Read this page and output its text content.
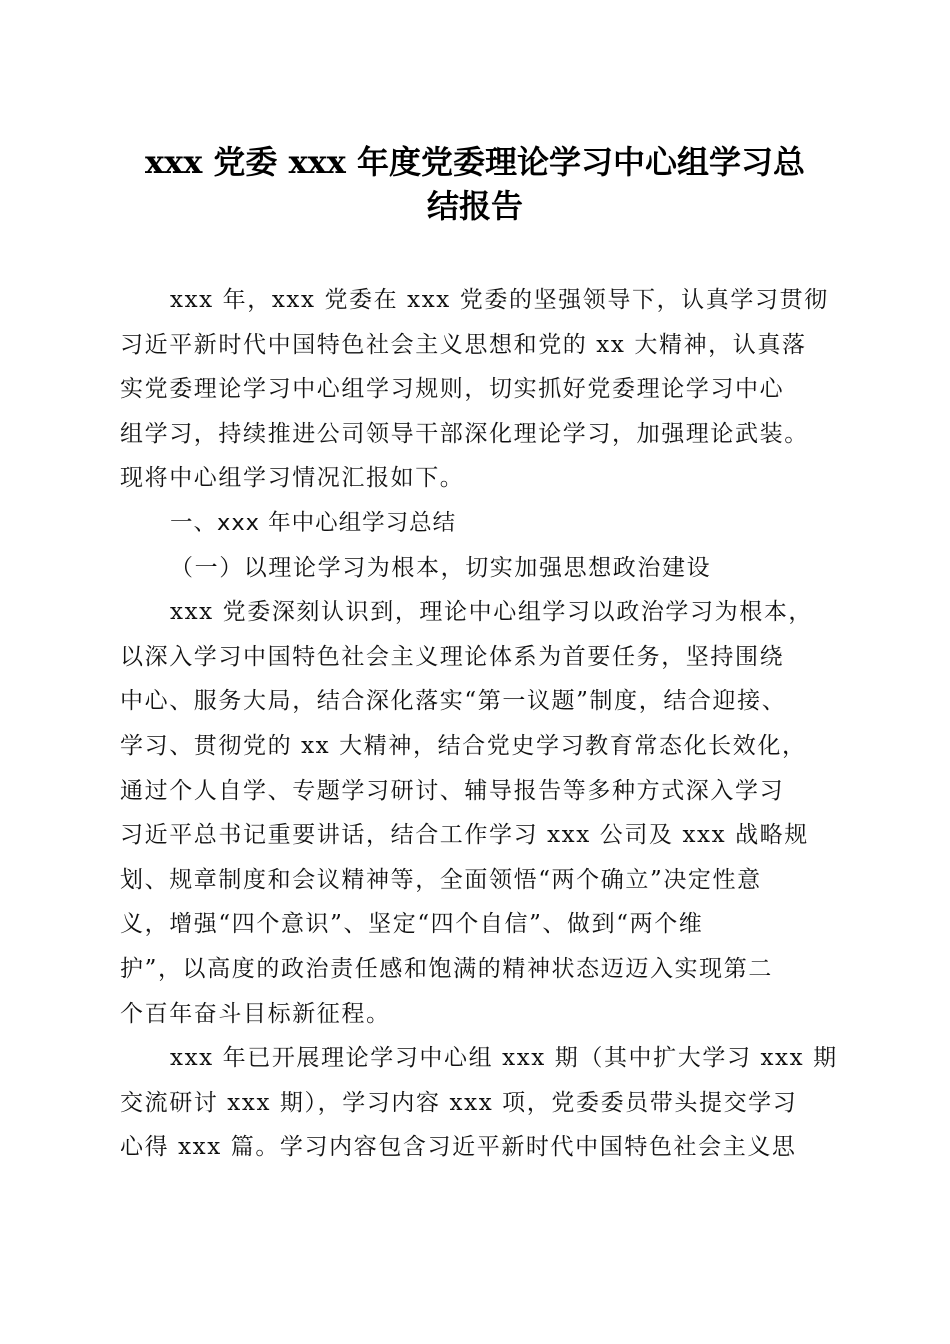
xxx 党委 xxx 年度党委理论学习中心组学习总
结报告
xxx 年，xxx 党委在 xxx 党委的坚强领导下，认真学习贯彻
习近平新时代中国特色社会主义思想和党的 xx 大精神，认真落
实党委理论学习中心组学习规则，切实抓好党委理论学习中心
组学习，持续推进公司领导干部深化理论学习，加强理论武装。
现将中心组学习情况汇报如下。
一、xxx 年中心组学习总结
（一）以理论学习为根本，切实加强思想政治建设
xxx 党委深刻认识到，理论中心组学习以政治学习为根本，
以深入学习中国特色社会主义理论体系为首要任务，坚持围绕
中心、服务大局，结合深化落实“第一议题”制度，结合迎接、
学习、贯彻党的 xx 大精神，结合党史学习教育常态化长效化，
通过个人自学、专题学习研讨、辅导报告等多种方式深入学习
习近平总书记重要讲话，结合工作学习 xxx 公司及 xxx 战略规
划、规章制度和会议精神等，全面领悟“两个确立”决定性意
义，增强“四个意识”、坚定“四个自信”、做到“两个维
护”，以高度的政治责任感和饱满的精神状态迈迈入实现第二
个百年奋斗目标新征程。
xxx 年已开展理论学习中心组 xxx 期（其中扩大学习 xxx 期
交流研讨 xxx 期），学习内容 xxx 项，党委委员带头提交学习
心得 xxx 篇。学习内容包含习近平新时代中国特色社会主义思
